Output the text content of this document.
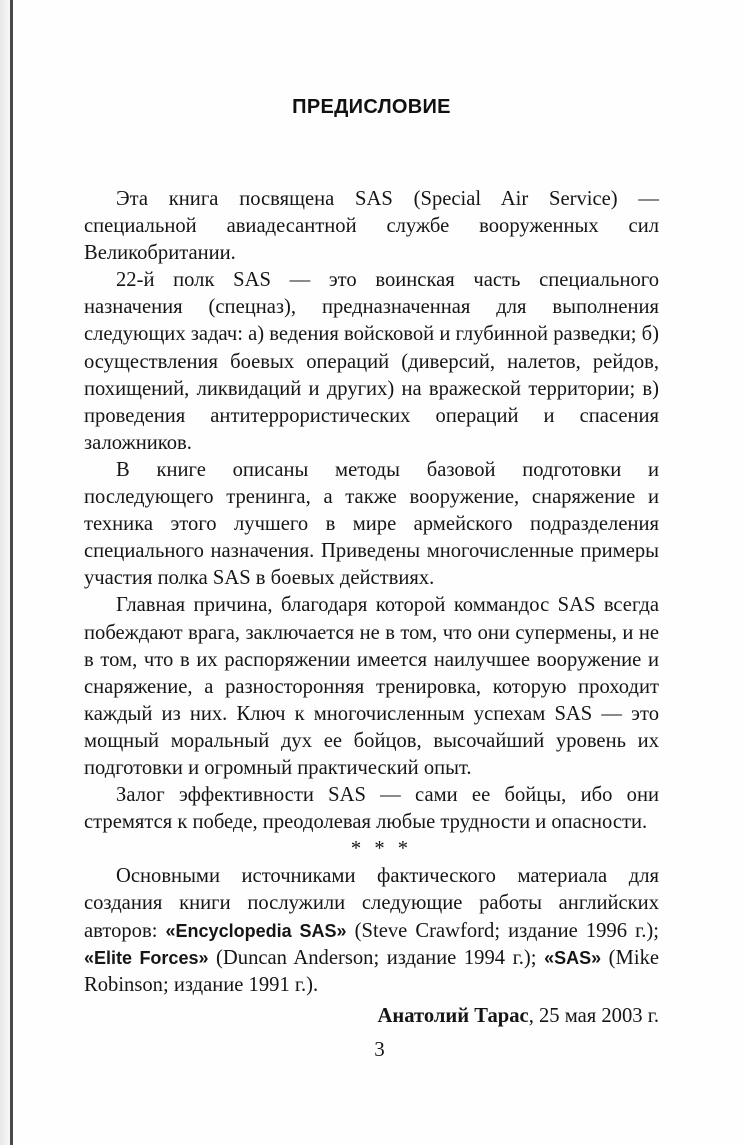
ПРЕДИСЛОВИЕ

Эта книга посвящена SAS (Special Air Service) — специальной авиадесантной службе вооруженных сил Великобритании.

22-й полк SAS — это воинская часть специального назначения (спецназ), предназначенная для выполнения следующих задач: а) ведения войсковой и глубинной разведки; б) осуществления боевых операций (диверсий, налетов, рейдов, похищений, ликвидаций и других) на вражеской территории; в) проведения антитеррористических операций и спасения заложников.

В книге описаны методы базовой подготовки и последующего тренинга, а также вооружение, снаряжение и техника этого лучшего в мире армейского подразделения специального назначения. Приведены многочисленные примеры участия полка SAS в боевых действиях.

Главная причина, благодаря которой коммандос SAS всегда побеждают врага, заключается не в том, что они супермены, и не в том, что в их распоряжении имеется наилучшее вооружение и снаряжение, а разносторонняя тренировка, которую проходит каждый из них. Ключ к многочисленным успехам SAS — это мощный моральный дух ее бойцов, высочайший уровень их подготовки и огромный практический опыт.

Залог эффективности SAS — сами ее бойцы, ибо они стремятся к победе, преодолевая любые трудности и опасности.

* * *

Основными источниками фактического материала для создания книги послужили следующие работы английских авторов: «Encyclopedia SAS» (Steve Crawford; издание 1996 г.); «Elite Forces» (Duncan Anderson; издание 1994 г.); «SAS» (Mike Robinson; издание 1991 г.).

Анатолий Тарас, 25 мая 2003 г.

3
